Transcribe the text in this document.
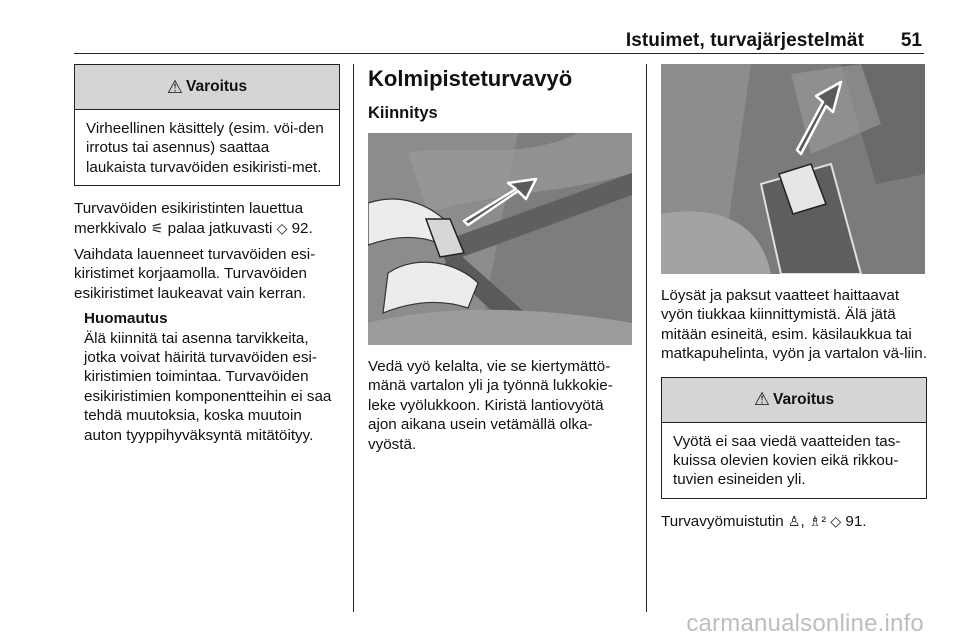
Istuimet, turvajärjestelmät 51
⚠ Varoitus

Virheellinen käsittely (esim. vöi-den irrotus tai asennus) saattaa laukaista turvavöiden esikiristi-met.

Turvavöiden esikiristinten lauettua merkkivalo ⚟ palaa jatkuvasti ◇ 92.

Vaihdata lauenneet turvavöiden esi-kiristimet korjaamolla. Turvavöiden esikiristimet laukeavat vain kerran.

Huomautus

Älä kiinnitä tai asenna tarvikkeita, jotka voivat häiritä turvavöiden esi-kiristimien toimintaa. Turvavöiden esikiristimien komponentteihin ei saa tehdä muutoksia, koska muutoin auton tyyppihyväksyntä mitätöityy.

Kolmipisteturvavyö
Kiinnitys

Vedä vyö kelalta, vie se kiertymättö-mänä vartalon yli ja työnnä lukkokie-leke vyölukkoon. Kiristä lantiovyötä ajon aikana usein vetämällä olka-vyöstä.

Löysät ja paksut vaatteet haittaavat vyön tiukkaa kiinnittymistä. Älä jätä mitään esineitä, esim. käsilaukkua tai matkapuhelinta, vyön ja vartalon vä-liin.

⚠ Varoitus

Vyötä ei saa viedä vaatteiden tas-kuissa olevien kovien eikä rikkou-tuvien esineiden yli.

Turvavyömuistutin ♙, ♗² ◇ 91.

carmanualsonline.info
